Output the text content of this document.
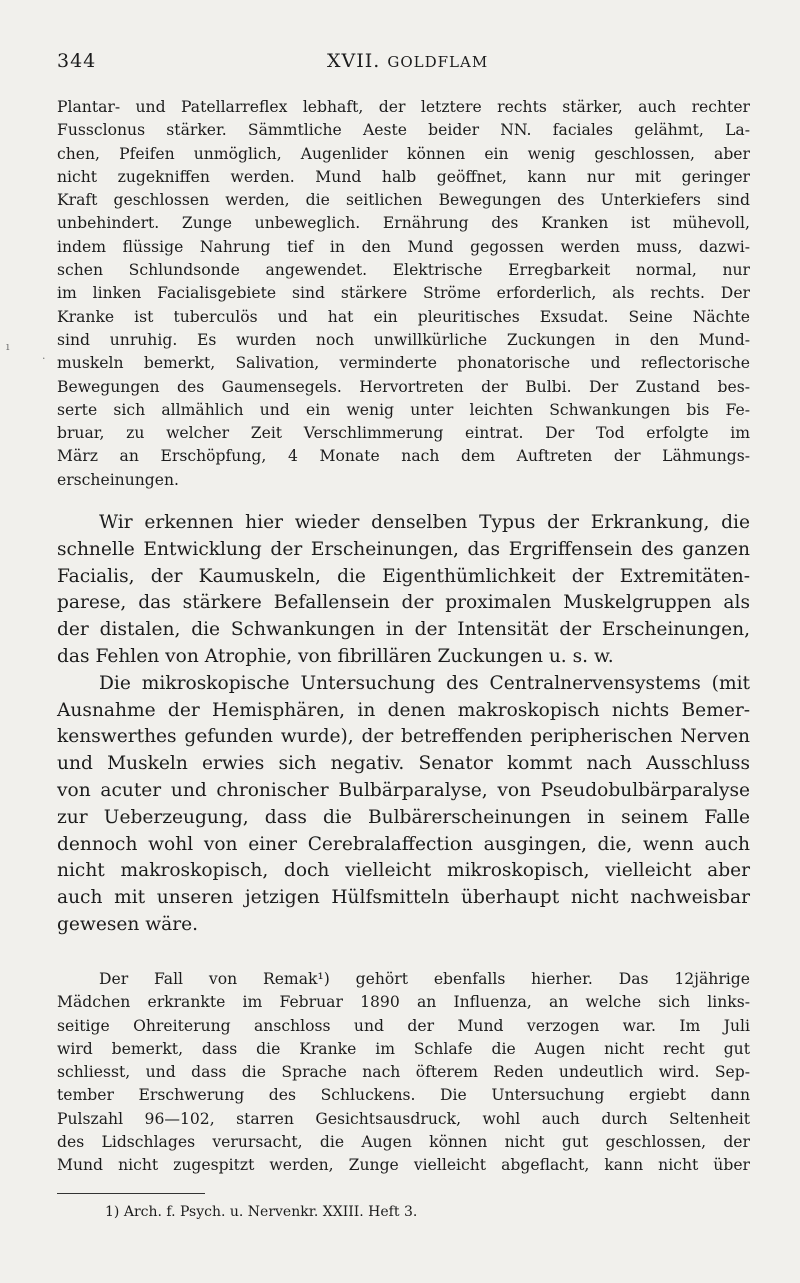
344	XVII. GOLDFLAM
Plantar- und Patellarreflex lebhaft, der letztere rechts stärker, auch rechter
Fussclonus stärker. Sämmtliche Aeste beider NN. faciales gelähmt, La-
chen, Pfeifen unmöglich, Augenlider können ein wenig geschlossen, aber
nicht zugekniffen werden. Mund halb geöffnet, kann nur mit geringer
Kraft geschlossen werden, die seitlichen Bewegungen des Unterkiefers sind
unbehindert. Zunge unbeweglich. Ernährung des Kranken ist mühevoll,
indem flüssige Nahrung tief in den Mund gegossen werden muss, dazwi-
schen Schlundsonde angewendet. Elektrische Erregbarkeit normal, nur
im linken Facialisgebiete sind stärkere Ströme erforderlich, als rechts. Der
Kranke ist tuberculös und hat ein pleuritisches Exsudat. Seine Nächte
sind unruhig. Es wurden noch unwillkürliche Zuckungen in den Mund-
muskeln bemerkt, Salivation, verminderte phonatorische und reflectorische
Bewegungen des Gaumensegels. Hervortreten der Bulbi. Der Zustand bes-
serte sich allmählich und ein wenig unter leichten Schwankungen bis Fe-
bruar, zu welcher Zeit Verschlimmerung eintrat. Der Tod erfolgte im
März an Erschöpfung, 4 Monate nach dem Auftreten der Lähmungs-
erscheinungen.
Wir erkennen hier wieder denselben Typus der Erkrankung, die
schnelle Entwicklung der Erscheinungen, das Ergriffensein des ganzen
Facialis, der Kaumuskeln, die Eigenthümlichkeit der Extremitäten-
parese, das stärkere Befallensein der proximalen Muskelgruppen als
der distalen, die Schwankungen in der Intensität der Erscheinungen,
das Fehlen von Atrophie, von fibrillären Zuckungen u. s. w.
Die mikroskopische Untersuchung des Centralnervensystems (mit
Ausnahme der Hemisphären, in denen makroskopisch nichts Bemer-
kenswerthes gefunden wurde), der betreffenden peripherischen Nerven
und Muskeln erwies sich negativ. Senator kommt nach Ausschluss
von acuter und chronischer Bulbärparalyse, von Pseudobulbärparalyse
zur Ueberzeugung, dass die Bulbärerscheinungen in seinem Falle
dennoch wohl von einer Cerebralaffection ausgingen, die, wenn auch
nicht makroskopisch, doch vielleicht mikroskopisch, vielleicht aber
auch mit unseren jetzigen Hülfsmitteln überhaupt nicht nachweisbar
gewesen wäre.
Der Fall von Remak¹) gehört ebenfalls hierher. Das 12jährige
Mädchen erkrankte im Februar 1890 an Influenza, an welche sich links-
seitige Ohreiterung anschloss und der Mund verzogen war. Im Juli
wird bemerkt, dass die Kranke im Schlafe die Augen nicht recht gut
schliesst, und dass die Sprache nach öfterem Reden undeutlich wird. Sep-
tember Erschwerung des Schluckens. Die Untersuchung ergiebt dann
Pulszahl 96—102, starren Gesichtsausdruck, wohl auch durch Seltenheit
des Lidschlages verursacht, die Augen können nicht gut geschlossen, der
Mund nicht zugespitzt werden, Zunge vielleicht abgeflacht, kann nicht über
1) Arch. f. Psych. u. Nervenkr. XXIII. Heft 3.
ı
·
